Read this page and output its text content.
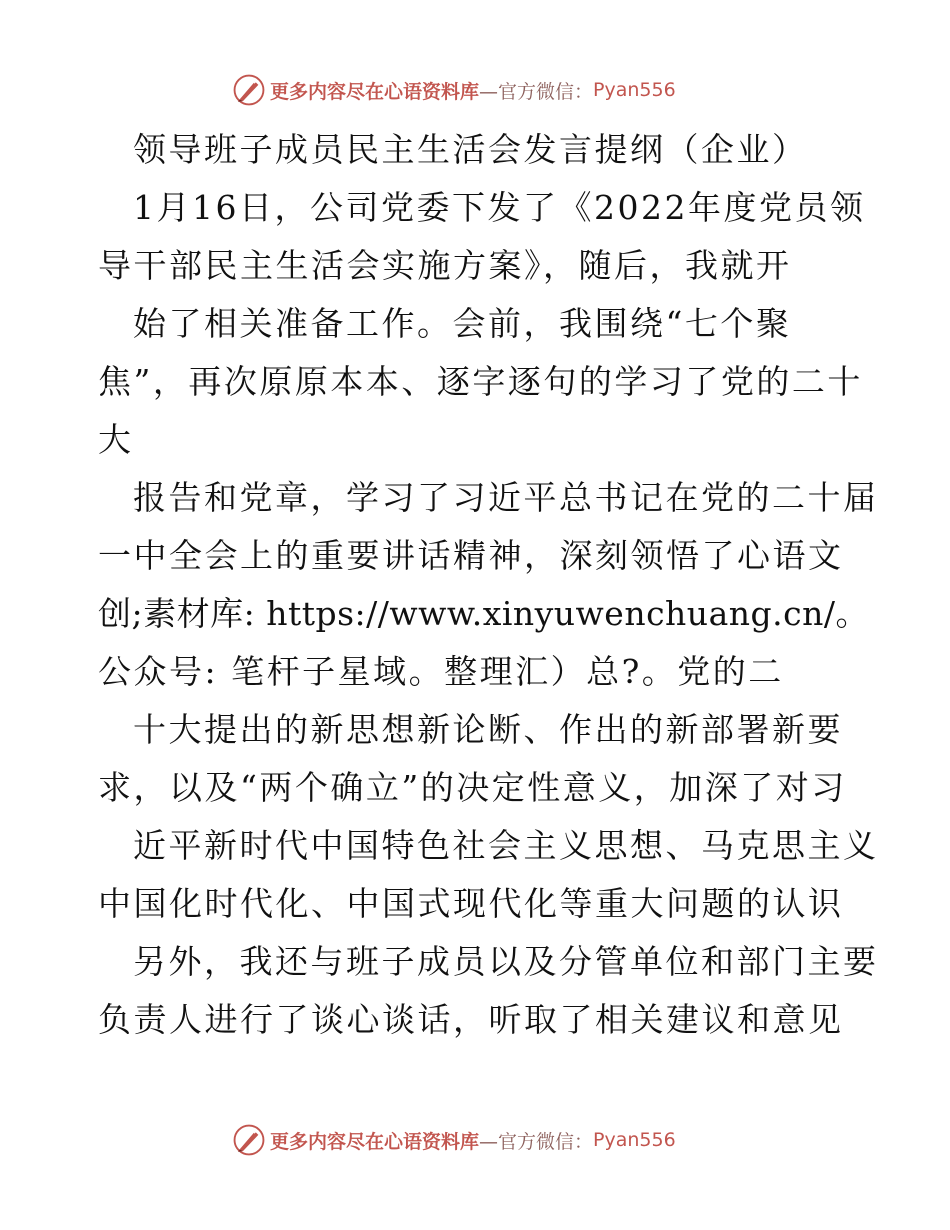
更多内容尽在心语资料库 —官方微信： Pyan556
领导班子成员民主生活会发言提纲（企业）
1月16日，公司党委下发了《2022年度党员领
导干部民主生活会实施方案》，随后，我就开
始了相关准备工作。会前，我围绕“七个聚
焦”，再次原原本本、逐字逐句的学习了党的二十
大
报告和党章，学习了习近平总书记在党的二十届
一中全会上的重要讲话精神，深刻领悟了心语文
创;素材库: https://www.xinyuwenchuang.cn/。
公众号: 笔杆子星域。整理汇）总?。党的二
十大提出的新思想新论断、作出的新部署新要
求，以及“两个确立”的决定性意义，加深了对习
近平新时代中国特色社会主义思想、马克思主义
中国化时代化、中国式现代化等重大问题的认识
另外，我还与班子成员以及分管单位和部门主要
负责人进行了谈心谈话，听取了相关建议和意见
更多内容尽在心语资料库 —官方微信： Pyan556
